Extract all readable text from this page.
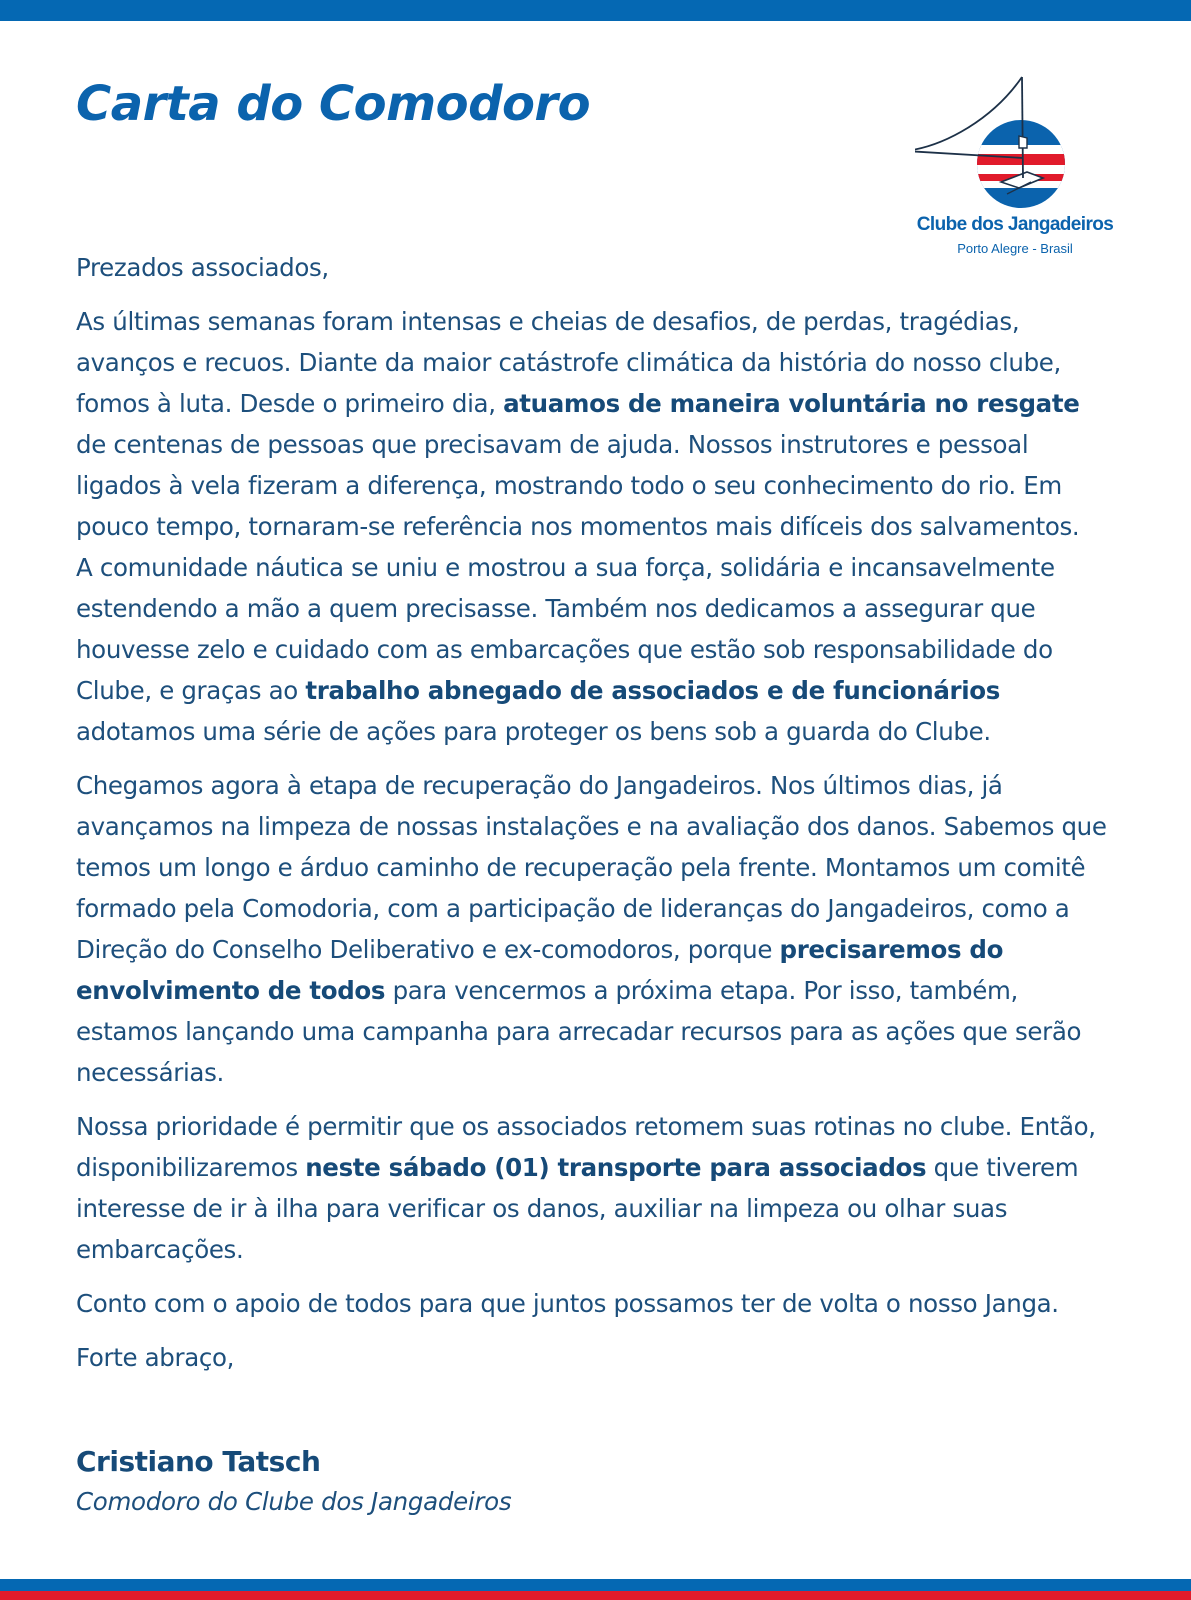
Carta do Comodoro
Clube dos Jangadeiros
Porto Alegre - Brasil

Prezados associados,

As últimas semanas foram intensas e cheias de desafios, de perdas, tragédias, avanços e recuos. Diante da maior catástrofe climática da história do nosso clube, fomos à luta. Desde o primeiro dia, atuamos de maneira voluntária no resgate de centenas de pessoas que precisavam de ajuda. Nossos instrutores e pessoal ligados à vela fizeram a diferença, mostrando todo o seu conhecimento do rio. Em pouco tempo, tornaram-se referência nos momentos mais difíceis dos salvamentos.
A comunidade náutica se uniu e mostrou a sua força, solidária e incansavelmente estendendo a mão a quem precisasse. Também nos dedicamos a assegurar que houvesse zelo e cuidado com as embarcações que estão sob responsabilidade do Clube, e graças ao trabalho abnegado de associados e de funcionários adotamos uma série de ações para proteger os bens sob a guarda do Clube.

Chegamos agora à etapa de recuperação do Jangadeiros. Nos últimos dias, já avançamos na limpeza de nossas instalações e na avaliação dos danos. Sabemos que temos um longo e árduo caminho de recuperação pela frente. Montamos um comitê formado pela Comodoria, com a participação de lideranças do Jangadeiros, como a Direção do Conselho Deliberativo e ex-comodoros, porque precisaremos do envolvimento de todos para vencermos a próxima etapa. Por isso, também, estamos lançando uma campanha para arrecadar recursos para as ações que serão necessárias.

Nossa prioridade é permitir que os associados retomem suas rotinas no clube. Então, disponibilizaremos neste sábado (01) transporte para associados que tiverem interesse de ir à ilha para verificar os danos, auxiliar na limpeza ou olhar suas embarcações.

Conto com o apoio de todos para que juntos possamos ter de volta o nosso Janga.

Forte abraço,

Cristiano Tatsch
Comodoro do Clube dos Jangadeiros
